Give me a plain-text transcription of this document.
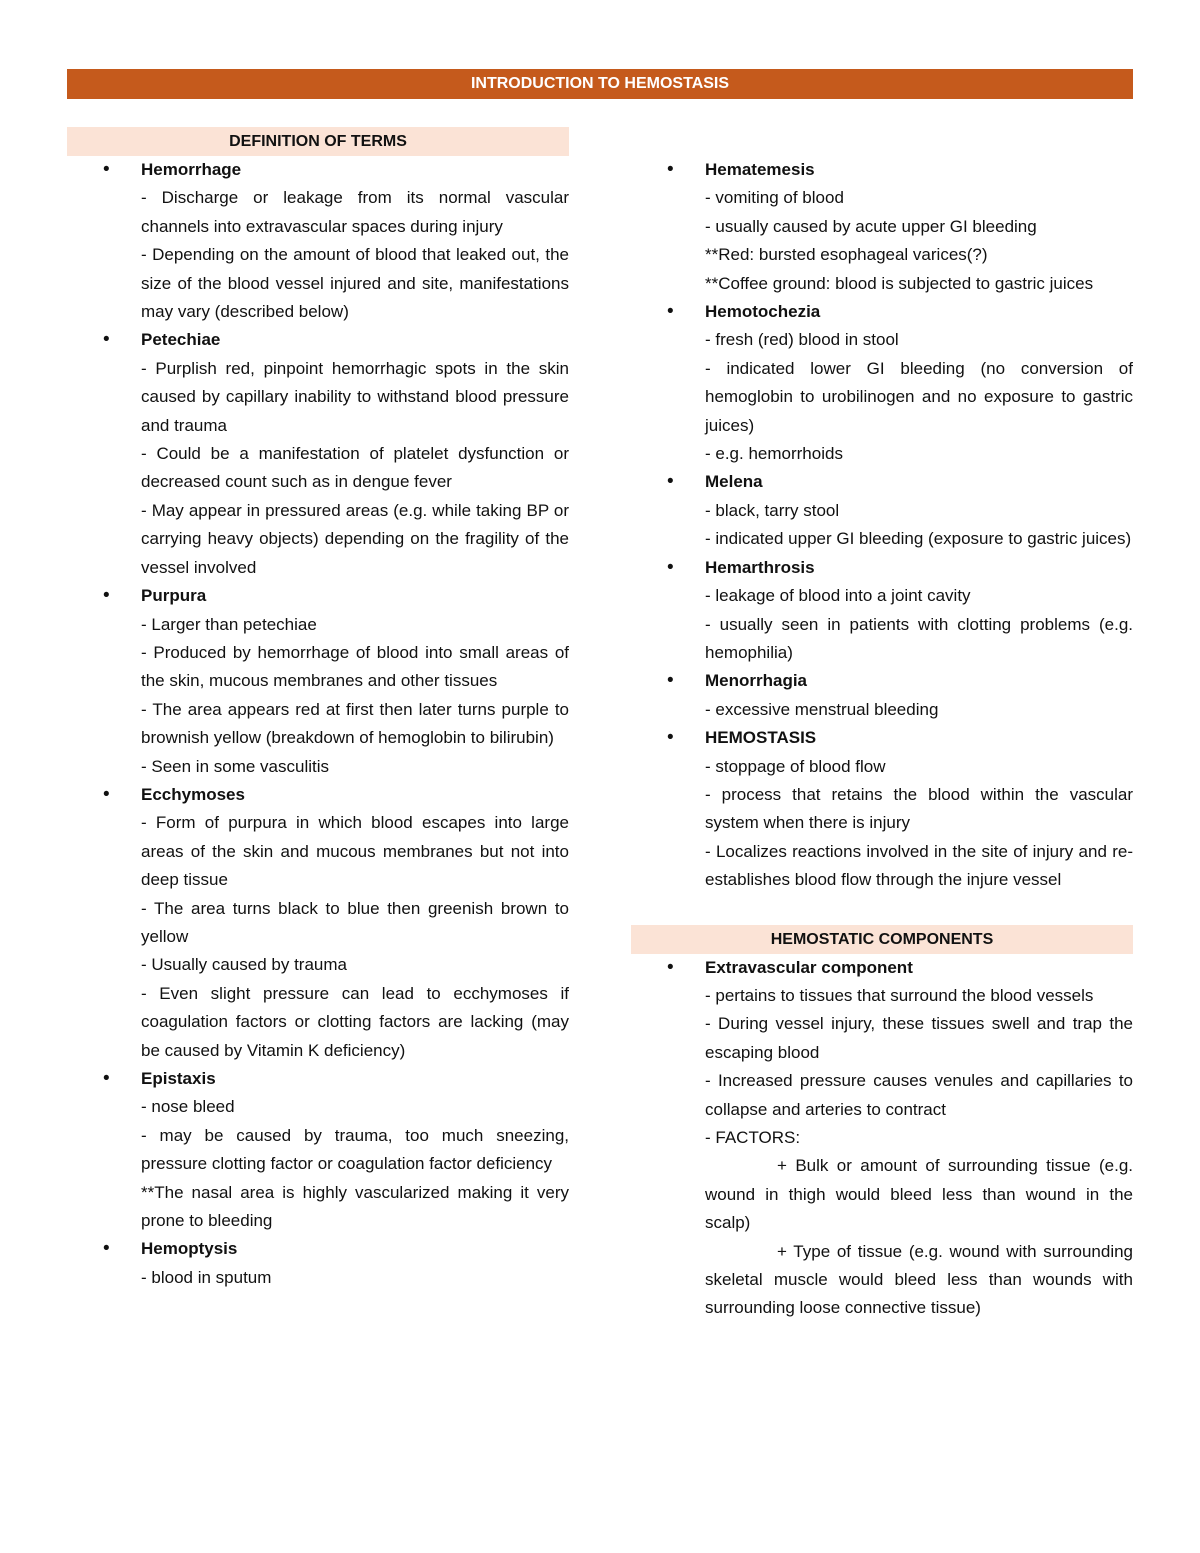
INTRODUCTION TO HEMOSTASIS
DEFINITION OF TERMS
• Hemorrhage
- Discharge or leakage from its normal vascular channels into extravascular spaces during injury
- Depending on the amount of blood that leaked out, the size of the blood vessel injured and site, manifestations may vary (described below)
• Petechiae
- Purplish red, pinpoint hemorrhagic spots in the skin caused by capillary inability to withstand blood pressure and trauma
- Could be a manifestation of platelet dysfunction or decreased count such as in dengue fever
- May appear in pressured areas (e.g. while taking BP or carrying heavy objects) depending on the fragility of the vessel involved
• Purpura
- Larger than petechiae
- Produced by hemorrhage of blood into small areas of the skin, mucous membranes and other tissues
- The area appears red at first then later turns purple to brownish yellow (breakdown of hemoglobin to bilirubin)
- Seen in some vasculitis
• Ecchymoses
- Form of purpura in which blood escapes into large areas of the skin and mucous membranes but not into deep tissue
- The area turns black to blue then greenish brown to yellow
- Usually caused by trauma
- Even slight pressure can lead to ecchymoses if coagulation factors or clotting factors are lacking (may be caused by Vitamin K deficiency)
• Epistaxis
- nose bleed
- may be caused by trauma, too much sneezing, pressure clotting factor or coagulation factor deficiency
**The nasal area is highly vascularized making it very prone to bleeding
• Hemoptysis
- blood in sputum
• Hematemesis
- vomiting of blood
- usually caused by acute upper GI bleeding
**Red: bursted esophageal varices(?)
**Coffee ground: blood is subjected to gastric juices
• Hemotochezia
- fresh (red) blood in stool
- indicated lower GI bleeding (no conversion of hemoglobin to urobilinogen and no exposure to gastric juices)
- e.g. hemorrhoids
• Melena
- black, tarry stool
- indicated upper GI bleeding (exposure to gastric juices)
• Hemarthrosis
- leakage of blood into a joint cavity
- usually seen in patients with clotting problems (e.g. hemophilia)
• Menorrhagia
- excessive menstrual bleeding
• HEMOSTASIS
- stoppage of blood flow
- process that retains the blood within the vascular system when there is injury
- Localizes reactions involved in the site of injury and re- establishes blood flow through the injure vessel
HEMOSTATIC COMPONENTS
• Extravascular component
- pertains to tissues that surround the blood vessels
- During vessel injury, these tissues swell and trap the escaping blood
- Increased pressure causes venules and capillaries to collapse and arteries to contract
- FACTORS:
+ Bulk or amount of surrounding tissue (e.g. wound in thigh would bleed less than wound in the scalp)
+ Type of tissue (e.g. wound with surrounding skeletal muscle would bleed less than wounds with surrounding loose connective tissue)
